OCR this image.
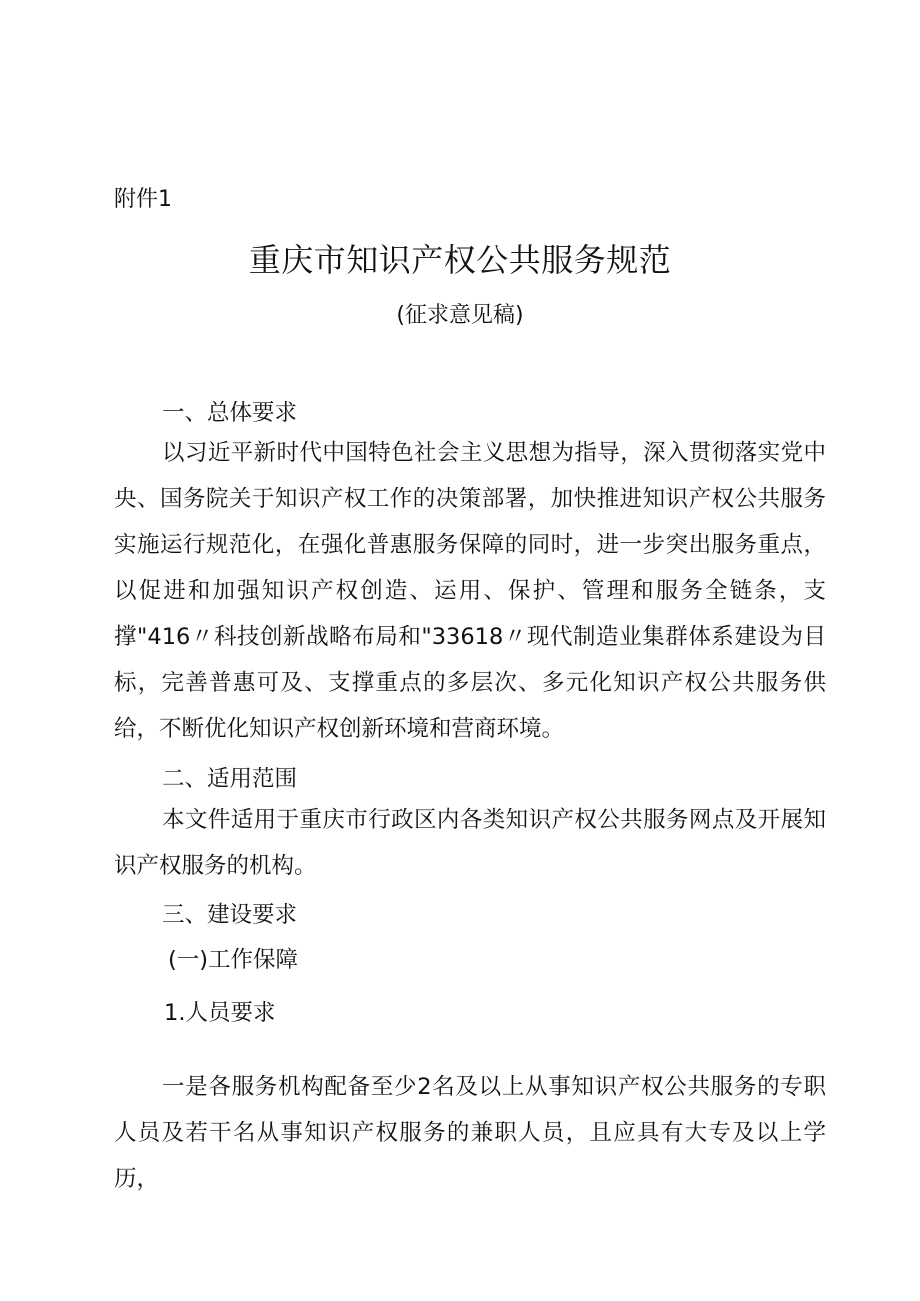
附件1
重庆市知识产权公共服务规范
(征求意见稿)
一、总体要求
以习近平新时代中国特色社会主义思想为指导，深入贯彻落实党中央、国务院关于知识产权工作的决策部署，加快推进知识产权公共服务实施运行规范化，在强化普惠服务保障的同时，进一步突出服务重点，以促进和加强知识产权创造、运用、保护、管理和服务全链条，支撑"416〃科技创新战略布局和"33618〃现代制造业集群体系建设为目标，完善普惠可及、支撑重点的多层次、多元化知识产权公共服务供给，不断优化知识产权创新环境和营商环境。
二、适用范围
本文件适用于重庆市行政区内各类知识产权公共服务网点及开展知识产权服务的机构。
三、建设要求
(一)工作保障
1.人员要求
一是各服务机构配备至少2名及以上从事知识产权公共服务的专职人员及若干名从事知识产权服务的兼职人员，且应具有大专及以上学历，
